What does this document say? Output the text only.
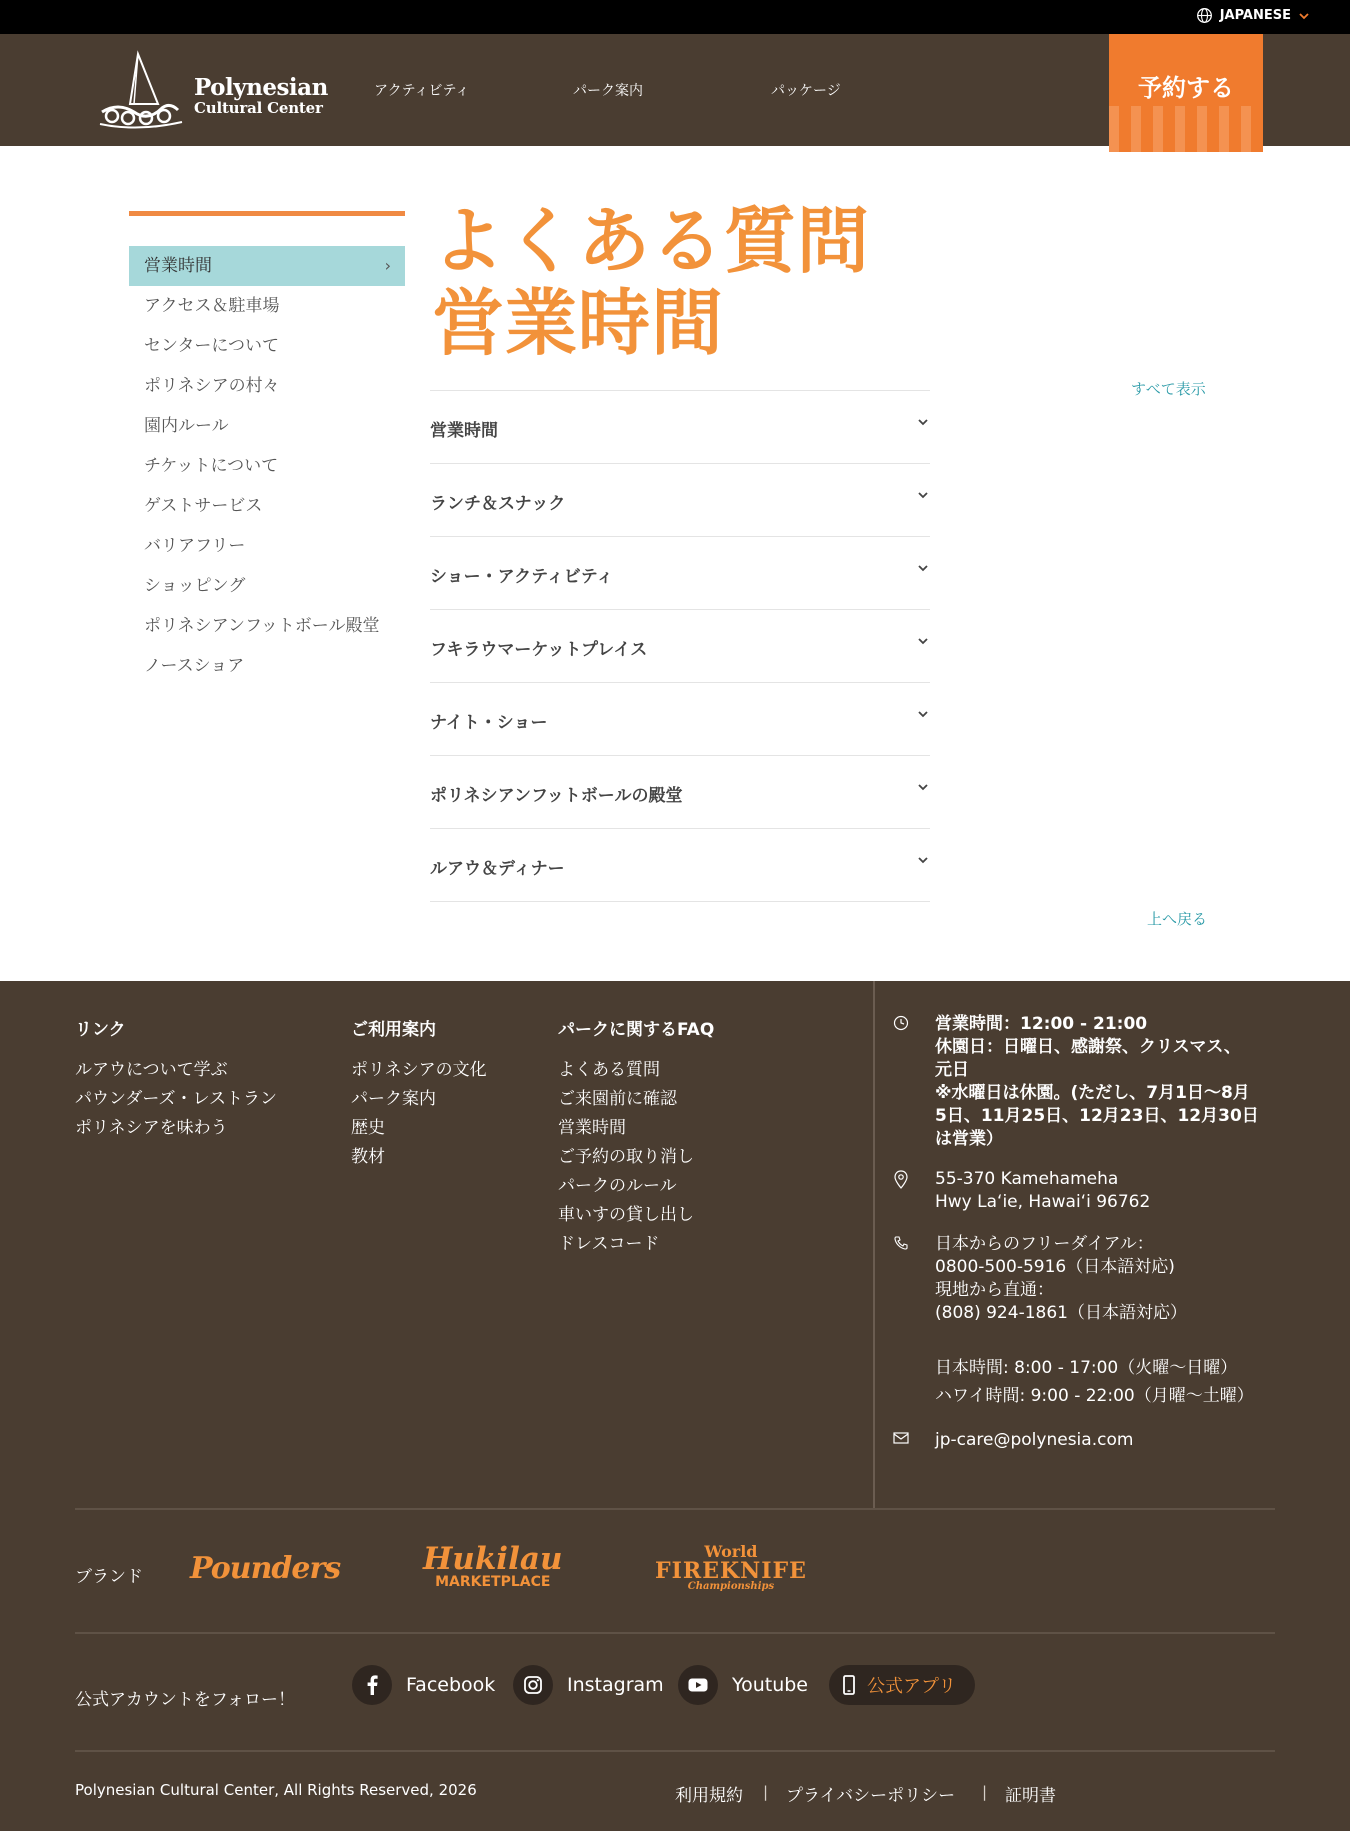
JAPANESE
Polynesian
Cultural Center
アクティビティ	パーク案内	パッケージ	予約する
営業時間	›
アクセス＆駐車場
センターについて
ポリネシアの村々
園内ルール
チケットについて
ゲストサービス
バリアフリー
ショッピング
ポリネシアンフットボール殿堂
ノースショア
よくある質問
営業時間
すべて表示
営業時間
ランチ＆スナック
ショー・アクティビティ
フキラウマーケットプレイス
ナイト・ショー
ポリネシアンフットボールの殿堂
ルアウ＆ディナー
上へ戻る
リンク
ルアウについて学ぶ
パウンダーズ・レストラン
ポリネシアを味わう
ご利用案内
ポリネシアの文化
パーク案内
歴史
教材
パークに関するFAQ
よくある質問
ご来園前に確認
営業時間
ご予約の取り消し
パークのルール
車いすの貸し出し
ドレスコード
営業時間：12:00 - 21:00
休園日：日曜日、感謝祭、クリスマス、
元日
※水曜日は休園。(ただし、7月1日〜8月
5日、11月25日、12月23日、12月30日
は営業）
55-370 Kamehameha
Hwy Laʻie, Hawaiʻi 96762
日本からのフリーダイアル：
0800-500-5916（日本語対応)
現地から直通：
(808) 924-1861（日本語対応）
日本時間: 8:00 - 17:00（火曜〜日曜）
ハワイ時間: 9:00 - 22:00（月曜〜土曜）
jp-care@polynesia.com
ブランド Pounders	Hukilau
MARKETPLACE
World
FIREKNIFE
Championships
公式アカウントをフォロー！
Facebook	Instagram	Youtube	公式アプリ
Polynesian Cultural Center, All Rights Reserved, 2026	利用規約 | プライバシーポリシー | 証明書
